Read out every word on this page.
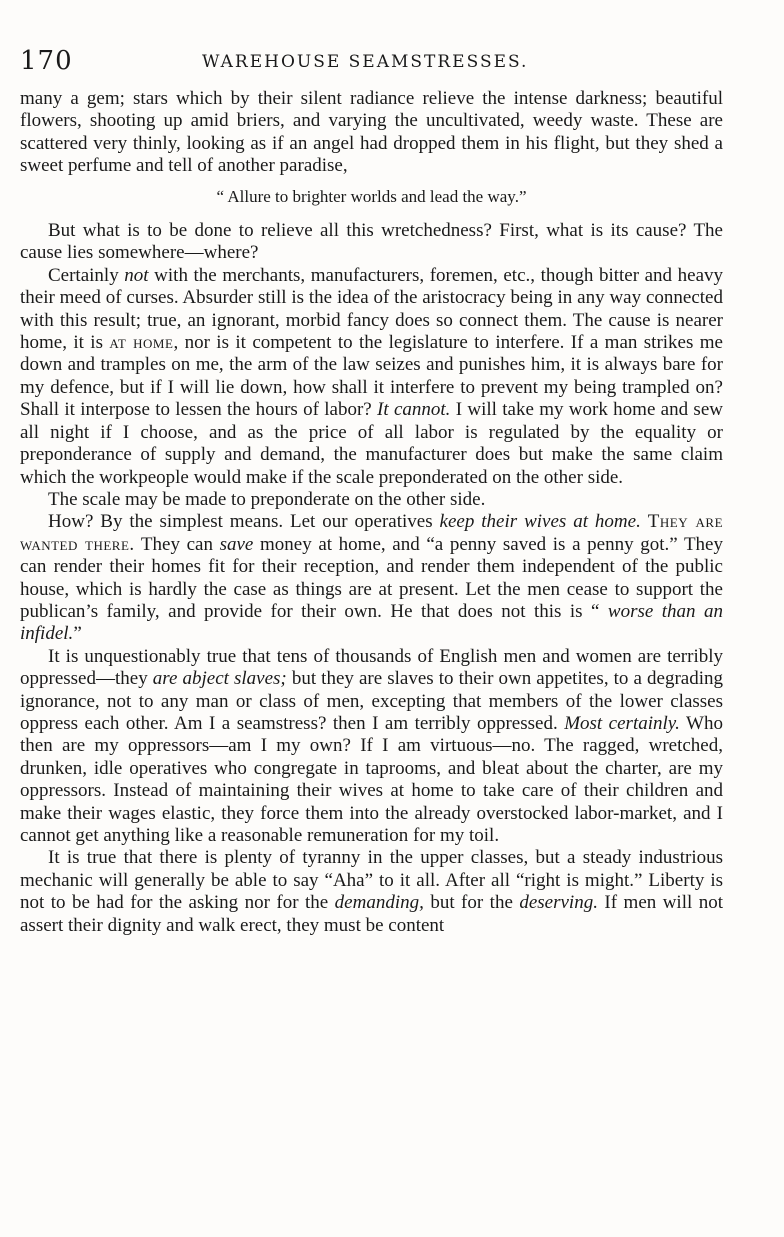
170	WAREHOUSE SEAMSTRESSES.

many a gem; stars which by their silent radiance relieve the intense darkness; beautiful flowers, shooting up amid briers, and varying the uncultivated, weedy waste. These are scattered very thinly, looking as if an angel had dropped them in his flight, but they shed a sweet perfume and tell of another paradise,

“ Allure to brighter worlds and lead the way.”

But what is to be done to relieve all this wretchedness? First, what is its cause? The cause lies somewhere—where?

Certainly not with the merchants, manufacturers, foremen, etc., though bitter and heavy their meed of curses. Absurder still is the idea of the aristocracy being in any way connected with this result; true, an ignorant, morbid fancy does so connect them. The cause is nearer home, it is at home, nor is it competent to the legislature to interfere. If a man strikes me down and tramples on me, the arm of the law seizes and punishes him, it is always bare for my defence, but if I will lie down, how shall it interfere to prevent my being trampled on? Shall it interpose to lessen the hours of labor? It cannot. I will take my work home and sew all night if I choose, and as the price of all labor is regulated by the equality or preponderance of supply and demand, the manufacturer does but make the same claim which the workpeople would make if the scale preponderated on the other side.

The scale may be made to preponderate on the other side.

How? By the simplest means. Let our operatives keep their wives at home. They are wanted there. They can save money at home, and “a penny saved is a penny got.” They can render their homes fit for their reception, and render them independent of the public house, which is hardly the case as things are at present. Let the men cease to support the publican’s family, and provide for their own. He that does not this is “ worse than an infidel.”

It is unquestionably true that tens of thousands of English men and women are terribly oppressed—they are abject slaves; but they are slaves to their own appetites, to a degrading ignorance, not to any man or class of men, excepting that members of the lower classes oppress each other. Am I a seamstress? then I am terribly oppressed. Most certainly. Who then are my oppressors—am I my own? If I am virtuous—no. The ragged, wretched, drunken, idle operatives who congregate in taprooms, and bleat about the charter, are my oppressors. Instead of maintaining their wives at home to take care of their children and make their wages elastic, they force them into the already overstocked labor-market, and I cannot get anything like a reasonable remuneration for my toil.

It is true that there is plenty of tyranny in the upper classes, but a steady industrious mechanic will generally be able to say “Aha” to it all. After all “right is might.” Liberty is not to be had for the asking nor for the demanding, but for the deserving. If men will not assert their dignity and walk erect, they must be content
